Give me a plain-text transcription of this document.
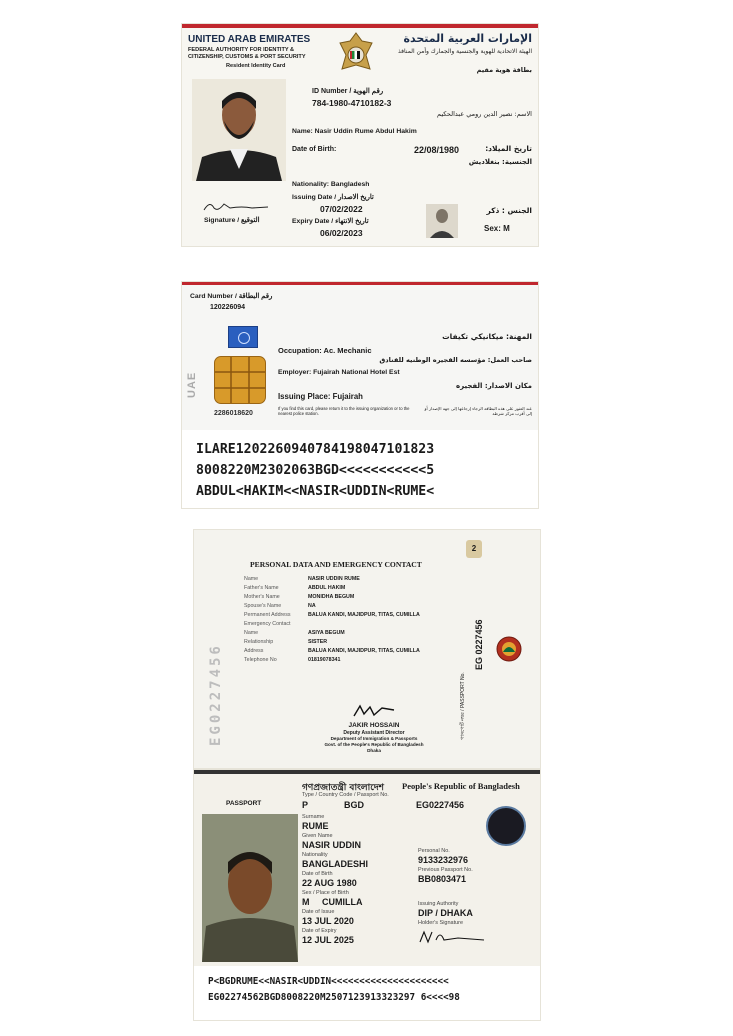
UNITED ARAB EMIRATES
FEDERAL AUTHORITY FOR IDENTITY &
CITIZENSHIP, CUSTOMS & PORT SECURITY
Resident Identity Card
الإمارات العربية المتحدة
الهيئة الاتحادية للهوية والجنسية والجمارك وأمن المنافذ
بطاقة هوية مقيم
ID Number / رقم الهوية
784-1980-4710182-3
الاسم: نصير الدين رومي عبدالحكيم
Name: Nasir Uddin Rume Abdul Hakim
Date of Birth:	22/08/1980	تاريخ الميلاد:
الجنسية: بنغلاديش
Nationality: Bangladesh
Issuing Date / تاريخ الاصدار
07/02/2022
Expiry Date / تاريخ الانتهاء
06/02/2023
Signature / التوقيع
الجنس : ذكر
Sex: M
Card Number / رقم البطاقة
120226094
UAE
2286018620
المهنة: ميكانيكي تكيفات
Occupation: Ac. Mechanic
صاحب العمل: مؤسسه الفجيره الوطنيه للفنادق
Employer: Fujairah National Hotel Est
مكان الاصدار: الفجيره
Issuing Place: Fujairah
If you find this card, please return it to the issuing organization or to the nearest police station.
عند العثور على هذه البطاقة الرجاء إرجاعها إلى جهة الإصدار أو إلى أقرب مركز شرطة
ILARE1202260940784198047101823
8008220M2302063BGD<<<<<<<<<<<5
ABDUL<HAKIM<<NASIR<UDDIN<RUME<
2
PERSONAL DATA AND EMERGENCY CONTACT
EG0227456
Name	NASIR UDDIN RUME
Father's Name	ABDUL HAKIM
Mother's Name	MONIDHA BEGUM
Spouse's Name	NA
Permanent Address	BALUA KANDI, MAJIDPUR, TITAS, CUMILLA
Emergency Contact
Name	ASIYA BEGUM
Relationship	SISTER
Address	BALUA KANDI, MAJIDPUR, TITAS, CUMILLA
Telephone No	01819078341
JAKIR HOSSAIN
Deputy Assistant Director
Department of Immigration & Passports
Govt. of the People's Republic of Bangladesh
Dhaka
EG 0227456
পাসপোর্ট নম্বর / PASSPORT No.
গণপ্রজাতন্ত্রী বাংলাদেশ People's Republic of Bangladesh
PASSPORT
Type / Country Code / Passport No.
P	BGD	EG0227456
Surname
RUME
Given Name
NASIR UDDIN
Nationality
BANGLADESHI
Date of Birth
22 AUG 1980
Sex / Place of Birth
M CUMILLA
Date of Issue
13 JUL 2020
Date of Expiry
12 JUL 2025
Personal No.
9133232976
Previous Passport No.
BB0803471
Issuing Authority
DIP / DHAKA
Holder's Signature
P<BGDRUME<<NASIR<UDDIN<<<<<<<<<<<<<<<<<<<<<
EG02274562BGD8008220M2507123913323297 6<<<<98
